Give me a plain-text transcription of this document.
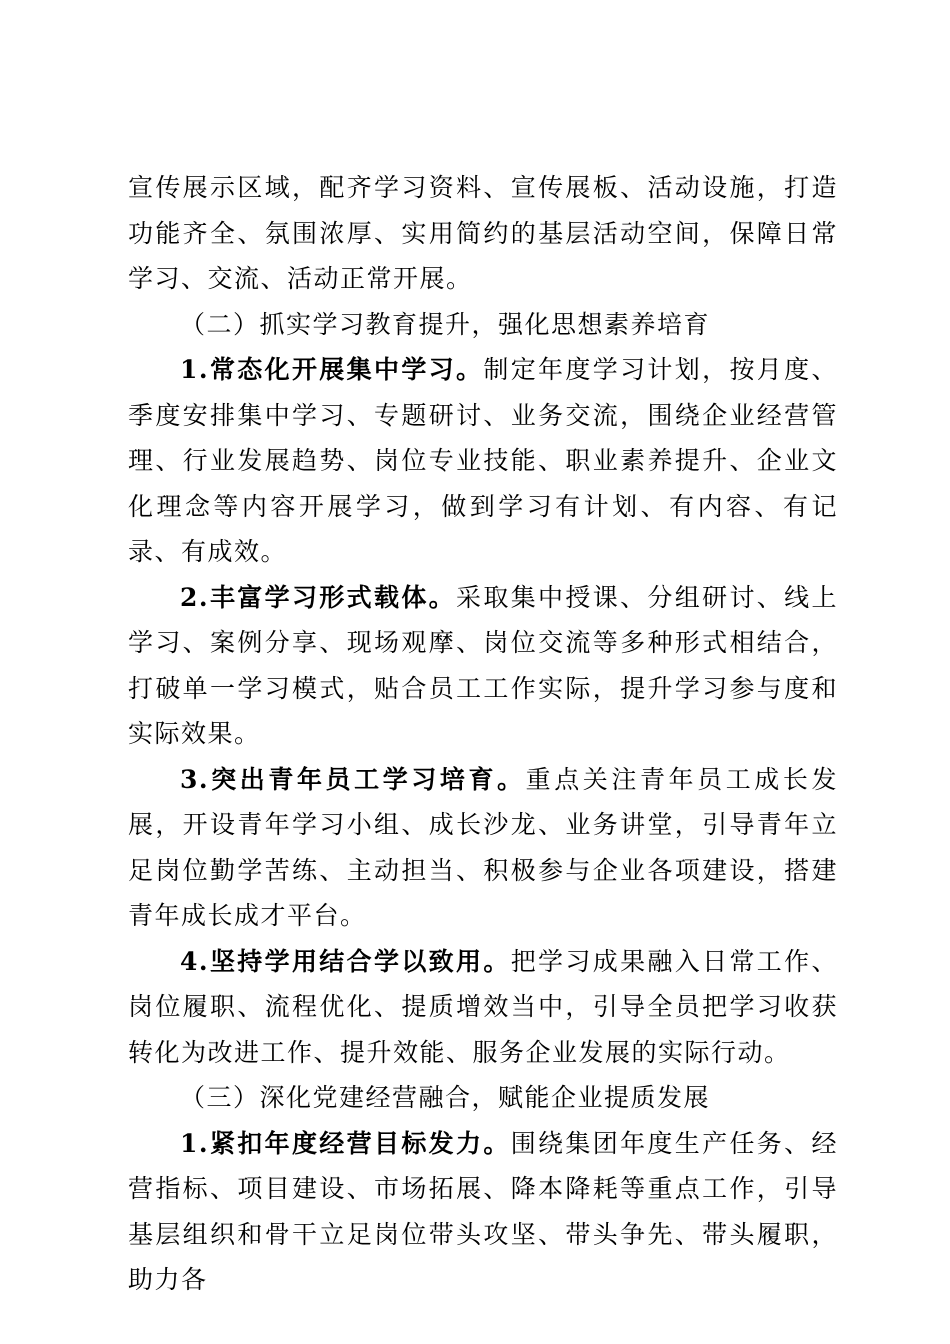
宣传展示区域，配齐学习资料、宣传展板、活动设施，打造功能齐全、氛围浓厚、实用简约的基层活动空间，保障日常学习、交流、活动正常开展。

（二）抓实学习教育提升，强化思想素养培育

1.常态化开展集中学习。制定年度学习计划，按月度、季度安排集中学习、专题研讨、业务交流，围绕企业经营管理、行业发展趋势、岗位专业技能、职业素养提升、企业文化理念等内容开展学习，做到学习有计划、有内容、有记录、有成效。

2.丰富学习形式载体。采取集中授课、分组研讨、线上学习、案例分享、现场观摩、岗位交流等多种形式相结合，打破单一学习模式，贴合员工工作实际，提升学习参与度和实际效果。

3.突出青年员工学习培育。重点关注青年员工成长发展，开设青年学习小组、成长沙龙、业务讲堂，引导青年立足岗位勤学苦练、主动担当、积极参与企业各项建设，搭建青年成长成才平台。

4.坚持学用结合学以致用。把学习成果融入日常工作、岗位履职、流程优化、提质增效当中，引导全员把学习收获转化为改进工作、提升效能、服务企业发展的实际行动。

（三）深化党建经营融合，赋能企业提质发展

1.紧扣年度经营目标发力。围绕集团年度生产任务、经营指标、项目建设、市场拓展、降本降耗等重点工作，引导基层组织和骨干立足岗位带头攻坚、带头争先、带头履职，助力各
